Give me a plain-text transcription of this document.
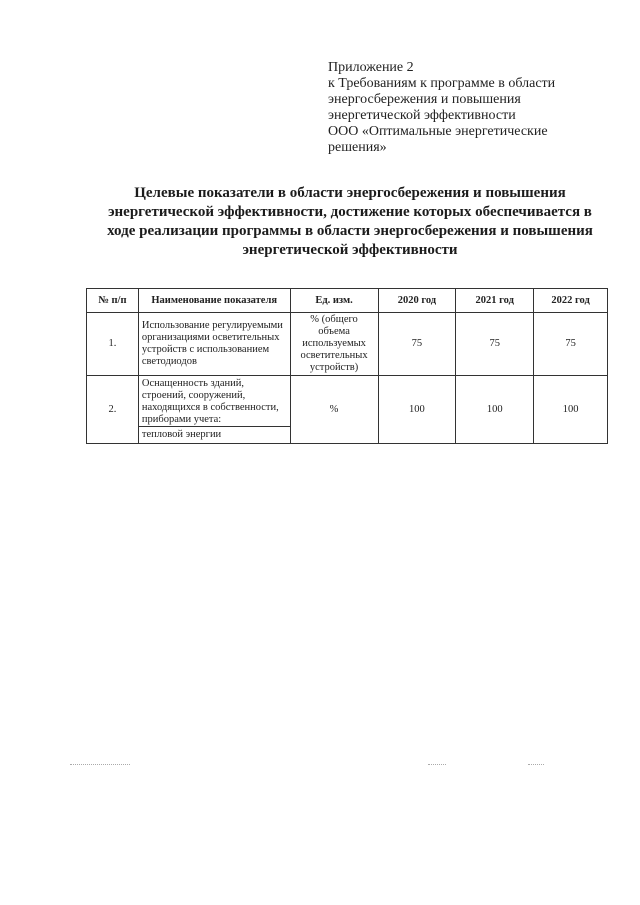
Приложение 2
к Требованиям к программе в области
энергосбережения и повышения
энергетической эффективности
ООО «Оптимальные энергетические
решения»
Целевые показатели в области энергосбережения и повышения
энергетической эффективности, достижение которых обеспечивается в
ходе реализации программы в области энергосбережения и повышения
энергетической эффективности
№ п/п	Наименование показателя	Ед. изм.	2020 год	2021 год	2022 год
1.	Использование регулируемыми организациями осветительных устройств с использованием светодиодов	% (общего объема используемых осветительных устройств)	75	75	75
2.	Оснащенность зданий, строений, сооружений, находящихся в собственности, приборами учета:	%	100	100	100
	тепловой энергии				
